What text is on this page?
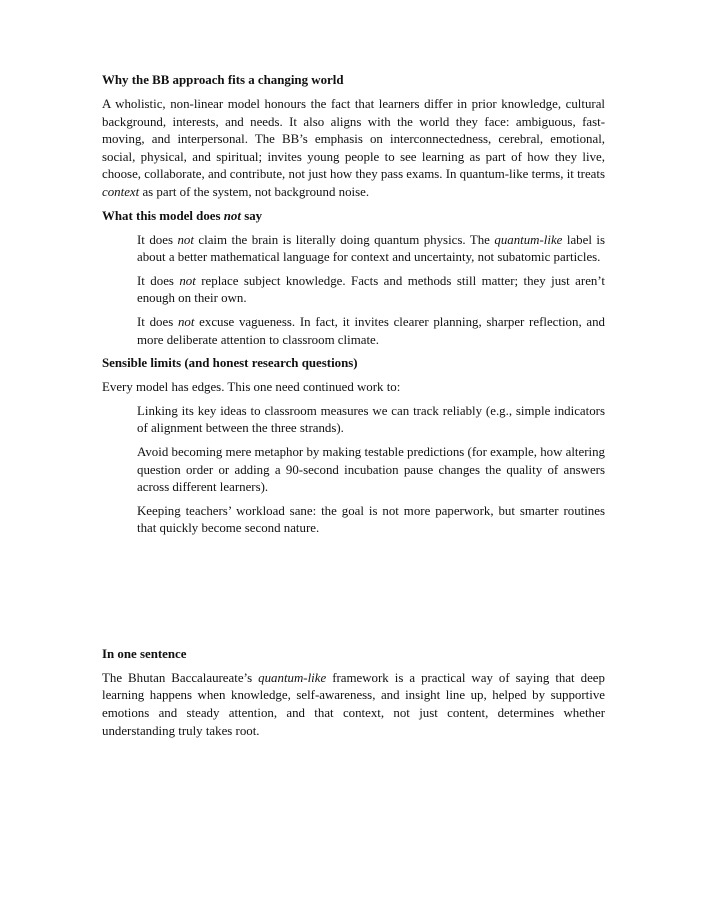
Why the BB approach fits a changing world

A wholistic, non-linear model honours the fact that learners differ in prior knowledge, cultural background, interests, and needs. It also aligns with the world they face: ambiguous, fast-moving, and interpersonal. The BB’s emphasis on interconnectedness, cerebral, emotional, social, physical, and spiritual; invites young people to see learning as part of how they live, choose, collaborate, and contribute, not just how they pass exams. In quantum-like terms, it treats context as part of the system, not background noise.

What this model does not say

It does not claim the brain is literally doing quantum physics. The quantum-like label is about a better mathematical language for context and uncertainty, not subatomic particles.

It does not replace subject knowledge. Facts and methods still matter; they just aren’t enough on their own.

It does not excuse vagueness. In fact, it invites clearer planning, sharper reflection, and more deliberate attention to classroom climate.

Sensible limits (and honest research questions)

Every model has edges. This one need continued work to:

Linking its key ideas to classroom measures we can track reliably (e.g., simple indicators of alignment between the three strands).

Avoid becoming mere metaphor by making testable predictions (for example, how altering question order or adding a 90-second incubation pause changes the quality of answers across different learners).

Keeping teachers’ workload sane: the goal is not more paperwork, but smarter routines that quickly become second nature.

In one sentence

The Bhutan Baccalaureate’s quantum-like framework is a practical way of saying that deep learning happens when knowledge, self-awareness, and insight line up, helped by supportive emotions and steady attention, and that context, not just content, determines whether understanding truly takes root.
